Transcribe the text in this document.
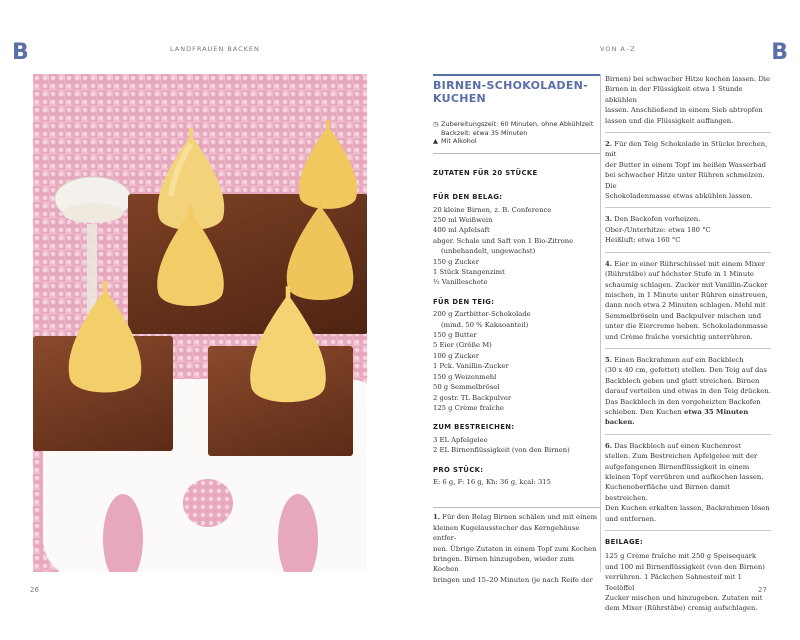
B	B
LANDFRAUEN BACKEN	VON A–Z
26	27
BIRNEN-SCHOKOLADEN-
KUCHEN
◷ Zubereitungszeit: 60 Minuten, ohne Abkühlzeit
Backzeit: etwa 35 Minuten
▲ Mit Alkohol
ZUTATEN FÜR 20 STÜCKE
FÜR DEN BELAG:
20 kleine Birnen, z. B. Conference
250 ml Weißwein
400 ml Apfelsaft
abger. Schale und Saft von 1 Bio-Zitrone
(unbehandelt, ungewachst)
150 g Zucker
1 Stück Stangenzimt
½ Vanilleschote
FÜR DEN TEIG:
200 g Zartbitter-Schokolade
(mind. 50 % Kakaoanteil)
150 g Butter
5 Eier (Größe M)
100 g Zucker
1 Pck. Vanillin-Zucker
150 g Weizenmehl
50 g Semmelbrösel
2 gestr. TL Backpulver
125 g Crème fraîche
ZUM BESTREICHEN:
3 EL Apfelgelee
2 EL Birnenflüssigkeit (von den Birnen)
PRO STÜCK:
E: 6 g, F: 16 g, Kh: 36 g, kcal: 315
1. Für den Belag Birnen schälen und mit einem
kleinen Kugelausstecher das Kerngehäuse entfer-
nen. Übrige Zutaten in einem Topf zum Kochen
bringen. Birnen hinzugeben, wieder zum Kochen
bringen und 15–20 Minuten (je nach Reife der
Birnen) bei schwacher Hitze kochen lassen. Die
Birnen in der Flüssigkeit etwa 1 Stunde abkühlen
lassen. Anschließend in einem Sieb abtropfen
lassen und die Flüssigkeit auffangen.
2. Für den Teig Schokolade in Stücke brechen, mit
der Butter in einem Topf im heißen Wasserbad
bei schwacher Hitze unter Rühren schmelzen. Die
Schokoladenmasse etwas abkühlen lassen.
3. Den Backofen vorheizen.
Ober-/Unterhitze: etwa 180 °C
Heißluft: etwa 160 °C
4. Eier in einer Rührschüssel mit einem Mixer
(Rührstäbe) auf höchster Stufe in 1 Minute
schaumig schlagen. Zucker mit Vanillin-Zucker
mischen, in 1 Minute unter Rühren einstreuen,
dann noch etwa 2 Minuten schlagen. Mehl mit
Semmelbröseln und Backpulver mischen und
unter die Eiercreme heben. Schokoladenmasse
und Crème fraîche vorsichtig unterrühren.
5. Einen Backrahmen auf ein Backblech
(30 x 40 cm, gefettet) stellen. Den Teig auf das
Backblech geben und glatt streichen. Birnen
darauf verteilen und etwas in den Teig drücken.
Das Backblech in den vorgeheizten Backofen
schieben. Den Kuchen etwa 35 Minuten backen.
6. Das Backblech auf einen Kuchenrost
stellen. Zum Bestreichen Apfelgelee mit der
aufgefangenen Birnenflüssigkeit in einem
kleinen Topf verrühren und aufkochen lassen.
Kuchenoberfläche und Birnen damit bestreichen.
Den Kuchen erkalten lassen, Backrahmen lösen
und entfernen.
BEILAGE:
125 g Crème fraîche mit 250 g Speisequark
und 100 ml Birnenflüssigkeit (von den Birnen)
verrühren. 1 Päckchen Sahnesteif mit 1 Teelöffel
Zucker mischen und hinzugeben. Zutaten mit
dem Mixer (Rührstäbe) cremig aufschlagen.
